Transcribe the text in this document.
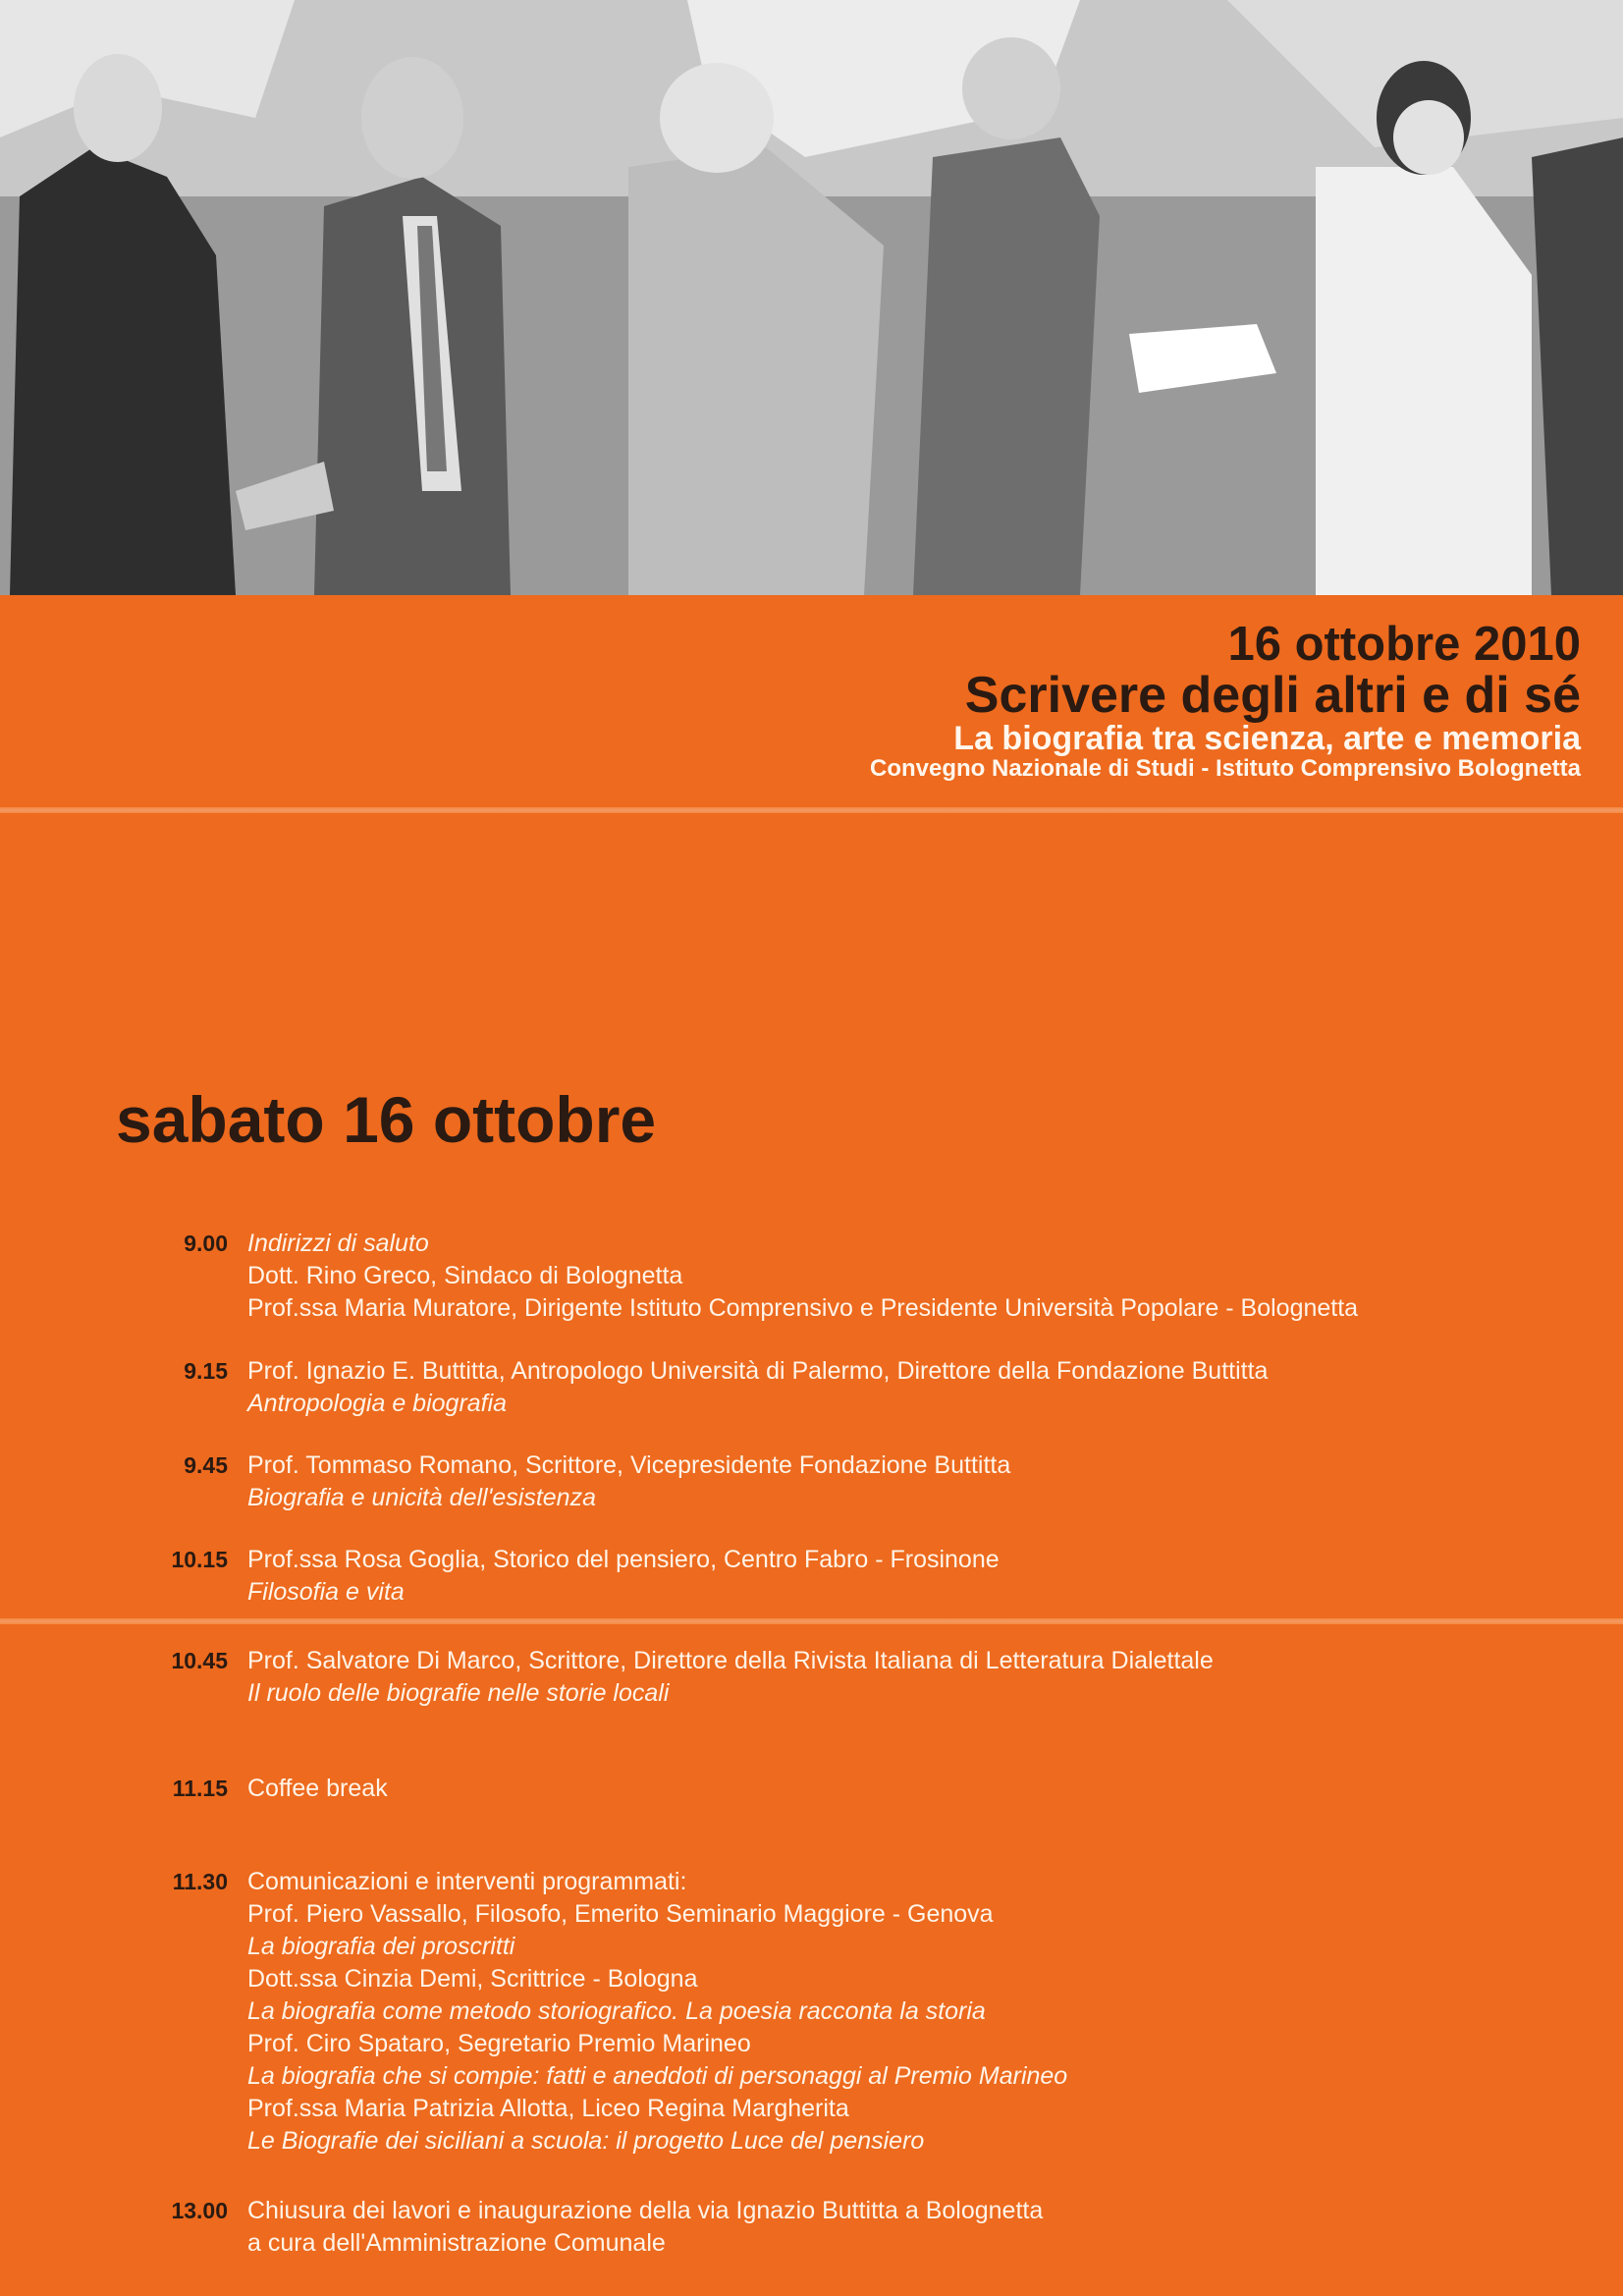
16 ottobre 2010
Scrivere degli altri e di sé
La biografia tra scienza, arte e memoria
Convegno Nazionale di Studi - Istituto Comprensivo Bolognetta
sabato 16 ottobre
9.00 Indirizzi di saluto
Dott. Rino Greco, Sindaco di Bolognetta
Prof.ssa Maria Muratore, Dirigente Istituto Comprensivo e Presidente Università Popolare - Bolognetta
9.15 Prof. Ignazio E. Buttitta, Antropologo Università di Palermo, Direttore della Fondazione Buttitta
Antropologia e biografia
9.45 Prof. Tommaso Romano, Scrittore, Vicepresidente Fondazione Buttitta
Biografia e unicità dell'esistenza
10.15 Prof.ssa Rosa Goglia, Storico del pensiero, Centro Fabro - Frosinone
Filosofia e vita
10.45 Prof. Salvatore Di Marco, Scrittore, Direttore della Rivista Italiana di Letteratura Dialettale
Il ruolo delle biografie nelle storie locali
11.15 Coffee break
11.30 Comunicazioni e interventi programmati:
Prof. Piero Vassallo, Filosofo, Emerito Seminario Maggiore - Genova
La biografia dei proscritti
Dott.ssa Cinzia Demi, Scrittrice - Bologna
La biografia come metodo storiografico. La poesia racconta la storia
Prof. Ciro Spataro, Segretario Premio Marineo
La biografia che si compie: fatti e aneddoti di personaggi al Premio Marineo
Prof.ssa Maria Patrizia Allotta, Liceo Regina Margherita
Le Biografie dei siciliani a scuola: il progetto Luce del pensiero
13.00 Chiusura dei lavori e inaugurazione della via Ignazio Buttitta a Bolognetta
a cura dell'Amministrazione Comunale
